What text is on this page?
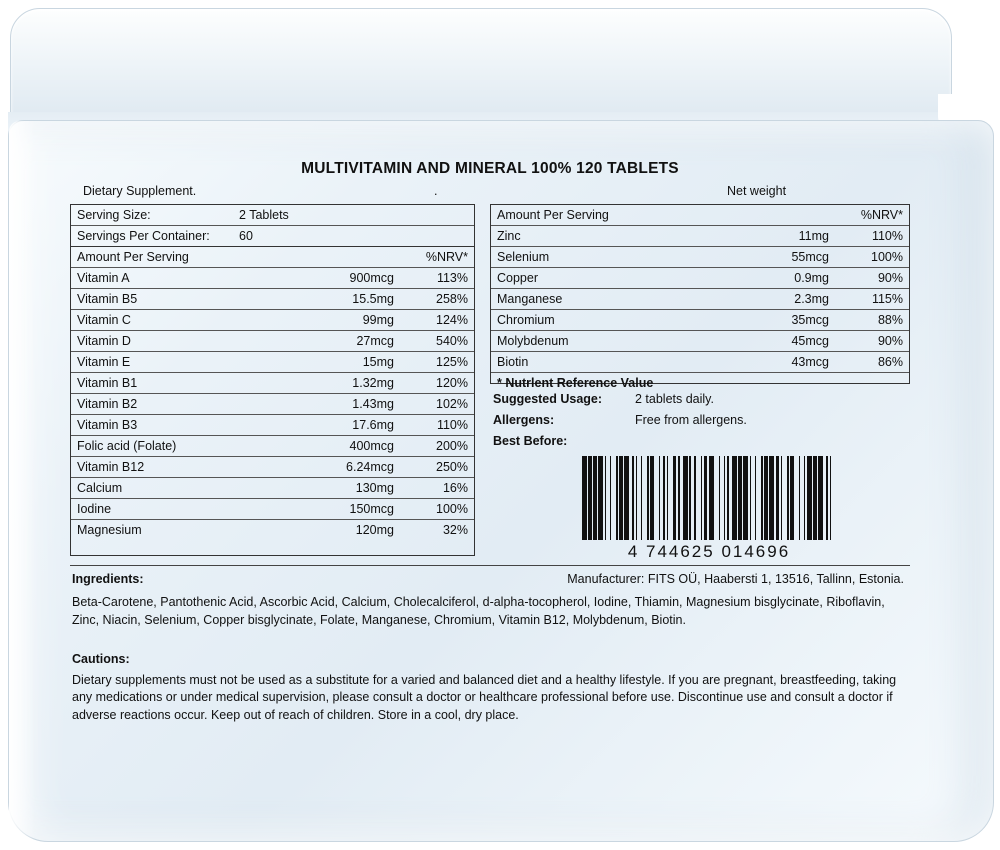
MULTIVITAMIN AND MINERAL 100% 120 TABLETS
Dietary Supplement.	.	Net weight
Serving Size:	2 Tablets
Servings Per Container:	60
Amount Per Serving		%NRV*
Vitamin A	900mcg	113%
Vitamin B5	15.5mg	258%
Vitamin C	99mg	124%
Vitamin D	27mcg	540%
Vitamin E	15mg	125%
Vitamin B1	1.32mg	120%
Vitamin B2	1.43mg	102%
Vitamin B3	17.6mg	110%
Folic acid (Folate)	400mcg	200%
Vitamin B12	6.24mcg	250%
Calcium	130mg	16%
Iodine	150mcg	100%
Magnesium	120mg	32%
Amount Per Serving		%NRV*
Zinc	11mg	110%
Selenium	55mcg	100%
Copper	0.9mg	90%
Manganese	2.3mg	115%
Chromium	35mcg	88%
Molybdenum	45mcg	90%
Biotin	43mcg	86%
* Nutrlent Reference Value
Suggested Usage:	2 tablets daily.
Allergens:	Free from allergens.
Best Before:
4 744625 014696
Ingredients:	Manufacturer: FITS OÜ, Haabersti 1, 13516, Tallinn, Estonia.
Beta-Carotene, Pantothenic Acid, Ascorbic Acid, Calcium, Cholecalciferol, d-alpha-tocopherol, Iodine, Thiamin, Magnesium bisglycinate, Riboflavin, Zinc, Niacin, Selenium, Copper bisglycinate, Folate, Manganese, Chromium, Vitamin B12, Molybdenum, Biotin.
Cautions:
Dietary supplements must not be used as a substitute for a varied and balanced diet and a healthy lifestyle. If you are pregnant, breastfeeding, taking any medications or under medical supervision, please consult a doctor or healthcare professional before use. Discontinue use and consult a doctor if adverse reactions occur. Keep out of reach of children. Store in a cool, dry place.
